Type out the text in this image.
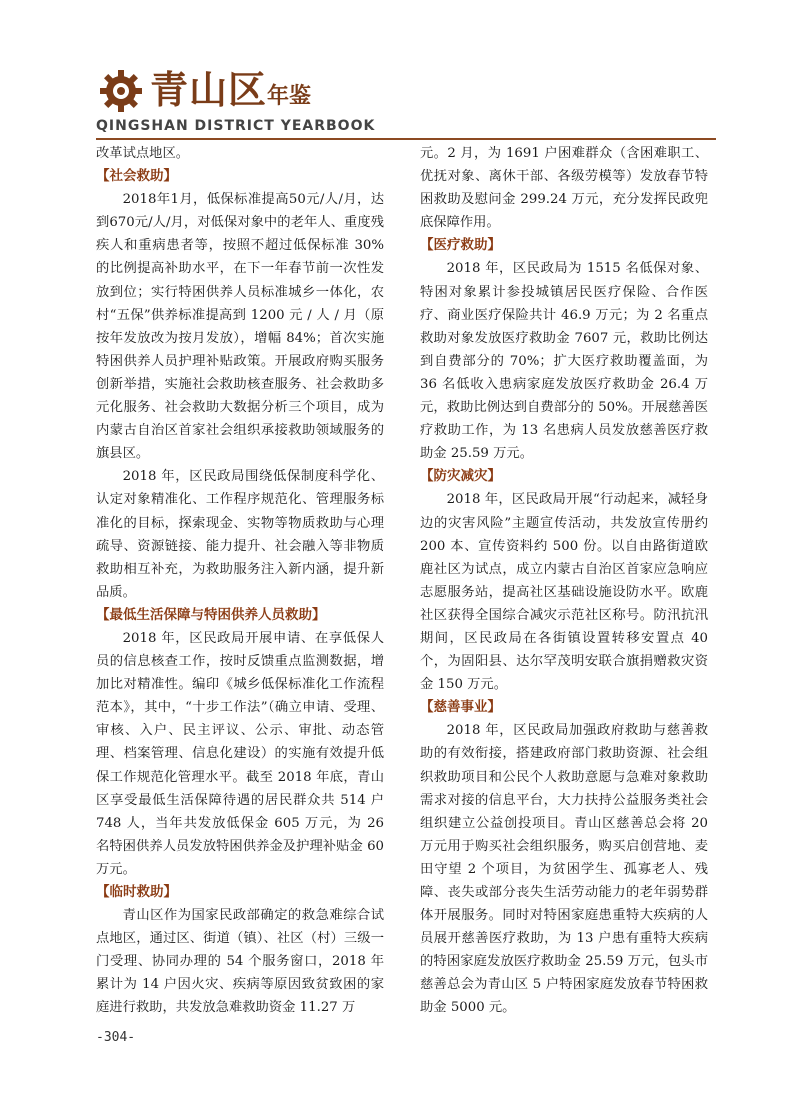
青山区年鉴
QINGSHAN DISTRICT YEARBOOK

改革试点地区。

【社会救助】

2018年1月，低保标准提高50元/人/月，达到670元/人/月，对低保对象中的老年人、重度残疾人和重病患者等，按照不超过低保标准 30% 的比例提高补助水平，在下一年春节前一次性发放到位；实行特困供养人员标准城乡一体化，农村“五保”供养标准提高到 1200 元 / 人 / 月（原按年发放改为按月发放），增幅 84%；首次实施特困供养人员护理补贴政策。开展政府购买服务创新举措，实施社会救助核查服务、社会救助多元化服务、社会救助大数据分析三个项目，成为内蒙古自治区首家社会组织承接救助领域服务的旗县区。

2018 年，区民政局围绕低保制度科学化、认定对象精准化、工作程序规范化、管理服务标准化的目标，探索现金、实物等物质救助与心理疏导、资源链接、能力提升、社会融入等非物质救助相互补充，为救助服务注入新内涵，提升新品质。

【最低生活保障与特困供养人员救助】

2018 年，区民政局开展申请、在享低保人员的信息核查工作，按时反馈重点监测数据，增加比对精准性。编印《城乡低保标准化工作流程范本》，其中，“十步工作法”（确立申请、受理、审核、入户、民主评议、公示、审批、动态管理、档案管理、信息化建设）的实施有效提升低保工作规范化管理水平。截至 2018 年底，青山区享受最低生活保障待遇的居民群众共 514 户 748 人，当年共发放低保金 605 万元，为 26 名特困供养人员发放特困供养金及护理补贴金 60 万元。

【临时救助】

青山区作为国家民政部确定的救急难综合试点地区，通过区、街道（镇）、社区（村）三级一门受理、协同办理的 54 个服务窗口，2018 年累计为 14 户因火灾、疾病等原因致贫致困的家庭进行救助，共发放急难救助资金 11.27 万

元。2 月，为 1691 户困难群众（含困难职工、优抚对象、离休干部、各级劳模等）发放春节特困救助及慰问金 299.24 万元，充分发挥民政兜底保障作用。

【医疗救助】

2018 年，区民政局为 1515 名低保对象、特困对象累计参投城镇居民医疗保险、合作医疗、商业医疗保险共计 46.9 万元；为 2 名重点救助对象发放医疗救助金 7607 元，救助比例达到自费部分的 70%；扩大医疗救助覆盖面，为 36 名低收入患病家庭发放医疗救助金 26.4 万元，救助比例达到自费部分的 50%。开展慈善医疗救助工作，为 13 名患病人员发放慈善医疗救助金 25.59 万元。

【防灾减灾】

2018 年，区民政局开展“行动起来，减轻身边的灾害风险”主题宣传活动，共发放宣传册约 200 本、宣传资料约 500 份。以自由路街道欧鹿社区为试点，成立内蒙古自治区首家应急响应志愿服务站，提高社区基础设施设防水平。欧鹿社区获得全国综合减灾示范社区称号。防汛抗汛期间，区民政局在各街镇设置转移安置点 40 个，为固阳县、达尔罕茂明安联合旗捐赠救灾资金 150 万元。

【慈善事业】

2018 年，区民政局加强政府救助与慈善救助的有效衔接，搭建政府部门救助资源、社会组织救助项目和公民个人救助意愿与急难对象救助需求对接的信息平台，大力扶持公益服务类社会组织建立公益创投项目。青山区慈善总会将 20 万元用于购买社会组织服务，购买启创营地、麦田守望 2 个项目，为贫困学生、孤寡老人、残障、丧失或部分丧失生活劳动能力的老年弱势群体开展服务。同时对特困家庭患重特大疾病的人员展开慈善医疗救助，为 13 户患有重特大疾病的特困家庭发放医疗救助金 25.59 万元，包头市慈善总会为青山区 5 户特困家庭发放春节特困救助金 5000 元。

-304-
